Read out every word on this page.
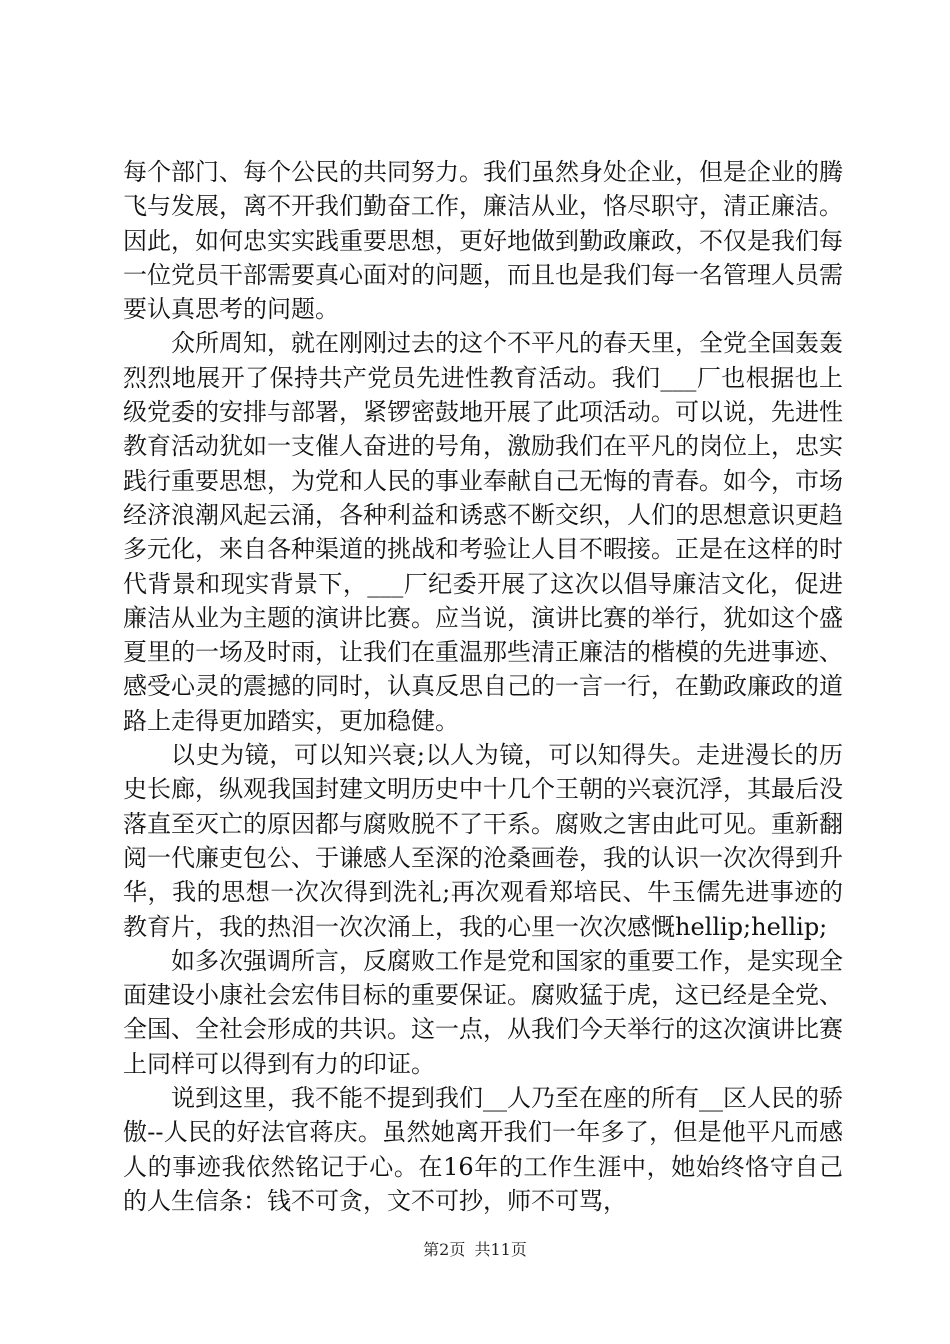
每个部门、每个公民的共同努力。我们虽然身处企业，但是企业的腾飞与发展，离不开我们勤奋工作，廉洁从业，恪尽职守，清正廉洁。因此，如何忠实实践重要思想，更好地做到勤政廉政，不仅是我们每一位党员干部需要真心面对的问题，而且也是我们每一名管理人员需要认真思考的问题。

众所周知，就在刚刚过去的这个不平凡的春天里，全党全国轰轰烈烈地展开了保持共产党员先进性教育活动。我们___厂也根据也上级党委的安排与部署，紧锣密鼓地开展了此项活动。可以说，先进性教育活动犹如一支催人奋进的号角，激励我们在平凡的岗位上，忠实践行重要思想，为党和人民的事业奉献自己无悔的青春。如今，市场经济浪潮风起云涌，各种利益和诱惑不断交织，人们的思想意识更趋多元化，来自各种渠道的挑战和考验让人目不暇接。正是在这样的时代背景和现实背景下，___厂纪委开展了这次以倡导廉洁文化，促进廉洁从业为主题的演讲比赛。应当说，演讲比赛的举行，犹如这个盛夏里的一场及时雨，让我们在重温那些清正廉洁的楷模的先进事迹、感受心灵的震撼的同时，认真反思自己的一言一行，在勤政廉政的道路上走得更加踏实，更加稳健。

以史为镜，可以知兴衰;以人为镜，可以知得失。走进漫长的历史长廊，纵观我国封建文明历史中十几个王朝的兴衰沉浮，其最后没落直至灭亡的原因都与腐败脱不了干系。腐败之害由此可见。重新翻阅一代廉吏包公、于谦感人至深的沧桑画卷，我的认识一次次得到升华，我的思想一次次得到洗礼;再次观看郑培民、牛玉儒先进事迹的教育片，我的热泪一次次涌上，我的心里一次次感慨hellip;hellip;

如多次强调所言，反腐败工作是党和国家的重要工作，是实现全面建设小康社会宏伟目标的重要保证。腐败猛于虎，这已经是全党、全国、全社会形成的共识。这一点，从我们今天举行的这次演讲比赛上同样可以得到有力的印证。

说到这里，我不能不提到我们__人乃至在座的所有__区人民的骄傲--人民的好法官蒋庆。虽然她离开我们一年多了，但是他平凡而感人的事迹我依然铭记于心。在16年的工作生涯中，她始终恪守自己的人生信条：钱不可贪，文不可抄，师不可骂，

第2页 共11页
